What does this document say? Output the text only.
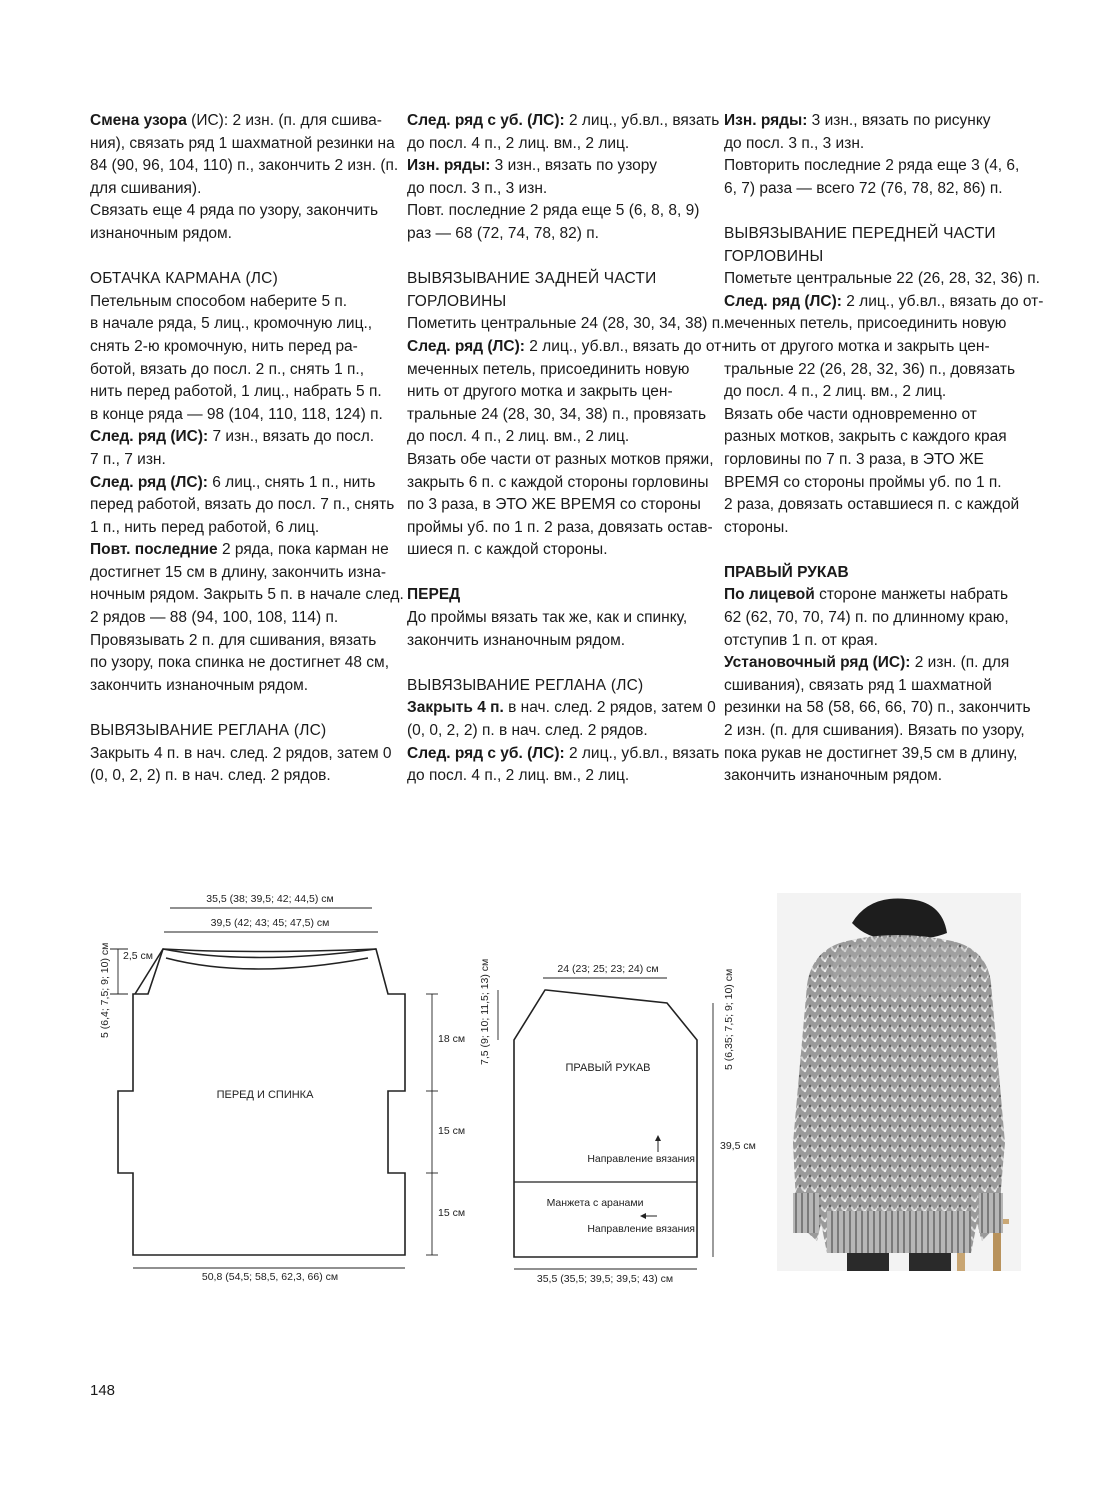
Смена узора (ИС): 2 изн. (п. для сшива-
ния), связать ряд 1 шахматной резинки на
84 (90, 96, 104, 110) п., закончить 2 изн. (п.
для сшивания).
Связать еще 4 ряда по узору, закончить
изнаночным рядом.
ОБТАЧКА КАРМАНА (ЛС)
Петельным способом наберите 5 п.
в начале ряда, 5 лиц., кромочную лиц.,
снять 2-ю кромочную, нить перед ра-
ботой, вязать до посл. 2 п., снять 1 п.,
нить перед работой, 1 лиц., набрать 5 п.
в конце ряда — 98 (104, 110, 118, 124) п.
След. ряд (ИС): 7 изн., вязать до посл.
7 п., 7 изн.
След. ряд (ЛС): 6 лиц., снять 1 п., нить
перед работой, вязать до посл. 7 п., снять
1 п., нить перед работой, 6 лиц.
Повт. последние 2 ряда, пока карман не
достигнет 15 см в длину, закончить изна-
ночным рядом. Закрыть 5 п. в начале след.
2 рядов — 88 (94, 100, 108, 114) п.
Провязывать 2 п. для сшивания, вязать
по узору, пока спинка не достигнет 48 см,
закончить изнаночным рядом.
ВЫВЯЗЫВАНИЕ РЕГЛАНА (ЛС)
Закрыть 4 п. в нач. след. 2 рядов, затем 0
(0, 0, 2, 2) п. в нач. след. 2 рядов.
След. ряд с уб. (ЛС): 2 лиц., уб.вл., вязать
до посл. 4 п., 2 лиц. вм., 2 лиц.
Изн. ряды: 3 изн., вязать по узору
до посл. 3 п., 3 изн.
Повт. последние 2 ряда еще 5 (6, 8, 8, 9)
раз — 68 (72, 74, 78, 82) п.
ВЫВЯЗЫВАНИЕ ЗАДНЕЙ ЧАСТИ
ГОРЛОВИНЫ
Пометить центральные 24 (28, 30, 34, 38) п.
След. ряд (ЛС): 2 лиц., уб.вл., вязать до от-
меченных петель, присоединить новую
нить от другого мотка и закрыть цен-
тральные 24 (28, 30, 34, 38) п., провязать
до посл. 4 п., 2 лиц. вм., 2 лиц.
Вязать обе части от разных мотков пряжи,
закрыть 6 п. с каждой стороны горловины
по 3 раза, в ЭТО ЖЕ ВРЕМЯ со стороны
проймы уб. по 1 п. 2 раза, довязать остав-
шиеся п. с каждой стороны.
ПЕРЕД
До проймы вязать так же, как и спинку,
закончить изнаночным рядом.
ВЫВЯЗЫВАНИЕ РЕГЛАНА (ЛС)
Закрыть 4 п. в нач. след. 2 рядов, затем 0
(0, 0, 2, 2) п. в нач. след. 2 рядов.
След. ряд с уб. (ЛС): 2 лиц., уб.вл., вязать
до посл. 4 п., 2 лиц. вм., 2 лиц.
Изн. ряды: 3 изн., вязать по рисунку
до посл. 3 п., 3 изн.
Повторить последние 2 ряда еще 3 (4, 6,
6, 7) раза — всего 72 (76, 78, 82, 86) п.
ВЫВЯЗЫВАНИЕ ПЕРЕДНЕЙ ЧАСТИ
ГОРЛОВИНЫ
Пометьте центральные 22 (26, 28, 32, 36) п.
След. ряд (ЛС): 2 лиц., уб.вл., вязать до от-
меченных петель, присоединить новую
нить от другого мотка и закрыть цен-
тральные 22 (26, 28, 32, 36) п., довязать
до посл. 4 п., 2 лиц. вм., 2 лиц.
Вязать обе части одновременно от
разных мотков, закрыть с каждого края
горловины по 7 п. 3 раза, в ЭТО ЖЕ
ВРЕМЯ со стороны проймы уб. по 1 п.
2 раза, довязать оставшиеся п. с каждой
стороны.
ПРАВЫЙ РУКАВ
По лицевой стороне манжеты набрать
62 (62, 70, 70, 74) п. по длинному краю,
отступив 1 п. от края.
Установочный ряд (ИС): 2 изн. (п. для
сшивания), связать ряд 1 шахматной
резинки на 58 (58, 66, 66, 70) п., закончить
2 изн. (п. для сшивания). Вязать по узору,
пока рукав не достигнет 39,5 см в длину,
закончить изнаночным рядом.
35,5 (38; 39,5; 42; 44,5) см
39,5 (42; 43; 45; 47,5) см
2,5 см
5 (6,4; 7,5; 9; 10) см
ПЕРЕД И СПИНКА
18 см
15 см
15 см
50,8 (54,5; 58,5, 62,3, 66) см
24 (23; 25; 23; 24) см
7,5 (9; 10; 11,5; 13) см	5 (6,35; 7,5; 9; 10) см
ПРАВЫЙ РУКАВ
39,5 см
Направление вязания
Манжета с аранами
Направление вязания
35,5 (35,5; 39,5; 39,5; 43) см
148
